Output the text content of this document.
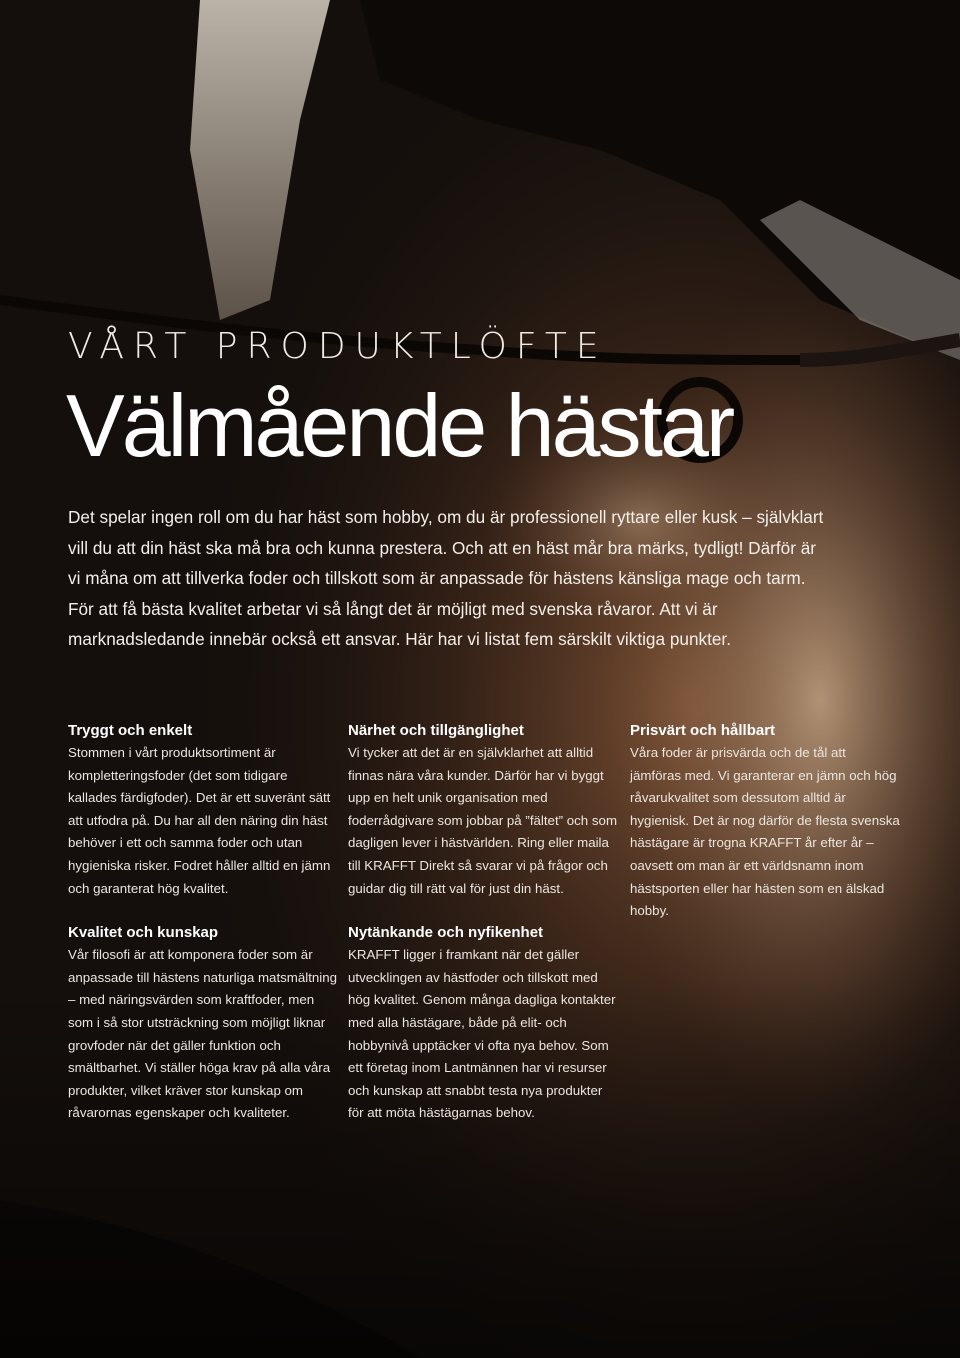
VÅRT PRODUKTLÖFTE
Välmående hästar

Det spelar ingen roll om du har häst som hobby, om du är professionell ryttare eller kusk – självklart vill du att din häst ska må bra och kunna prestera. Och att en häst mår bra märks, tydligt! Därför är vi måna om att tillverka foder och tillskott som är anpassade för hästens känsliga mage och tarm. För att få bästa kvalitet arbetar vi så långt det är möjligt med svenska råvaror. Att vi är marknadsledande innebär också ett ansvar. Här har vi listat fem särskilt viktiga punkter.

Tryggt och enkelt

Stommen i vårt produktsortiment är kompletteringsfoder (det som tidigare kallades färdigfoder). Det är ett suveränt sätt att utfodra på. Du har all den näring din häst behöver i ett och samma foder och utan hygieniska risker. Fodret håller alltid en jämn och garanterat hög kvalitet.

Kvalitet och kunskap

Vår filosofi är att komponera foder som är anpassade till hästens naturliga matsmältning – med näringsvärden som kraftfoder, men som i så stor utsträckning som möjligt liknar grovfoder när det gäller funktion och smältbarhet. Vi ställer höga krav på alla våra produkter, vilket kräver stor kunskap om råvarornas egenskaper och kvaliteter.

Närhet och tillgänglighet

Vi tycker att det är en självklarhet att alltid finnas nära våra kunder. Därför har vi byggt upp en helt unik organisation med foderrådgivare som jobbar på ”fältet” och som dagligen lever i hästvärlden. Ring eller maila till KRAFFT Direkt så svarar vi på frågor och guidar dig till rätt val för just din häst.

Nytänkande och nyfikenhet

KRAFFT ligger i framkant när det gäller utvecklingen av hästfoder och tillskott med hög kvalitet. Genom många dagliga kontakter med alla hästägare, både på elit- och hobbynivå upptäcker vi ofta nya behov. Som ett företag inom Lantmännen har vi resurser och kunskap att snabbt testa nya produkter för att möta hästägarnas behov.

Prisvärt och hållbart

Våra foder är prisvärda och de tål att jämföras med. Vi garanterar en jämn och hög råvarukvalitet som dessutom alltid är hygienisk. Det är nog därför de flesta svenska hästägare är trogna KRAFFT år efter år – oavsett om man är ett världsnamn inom hästsporten eller har hästen som en älskad hobby.
